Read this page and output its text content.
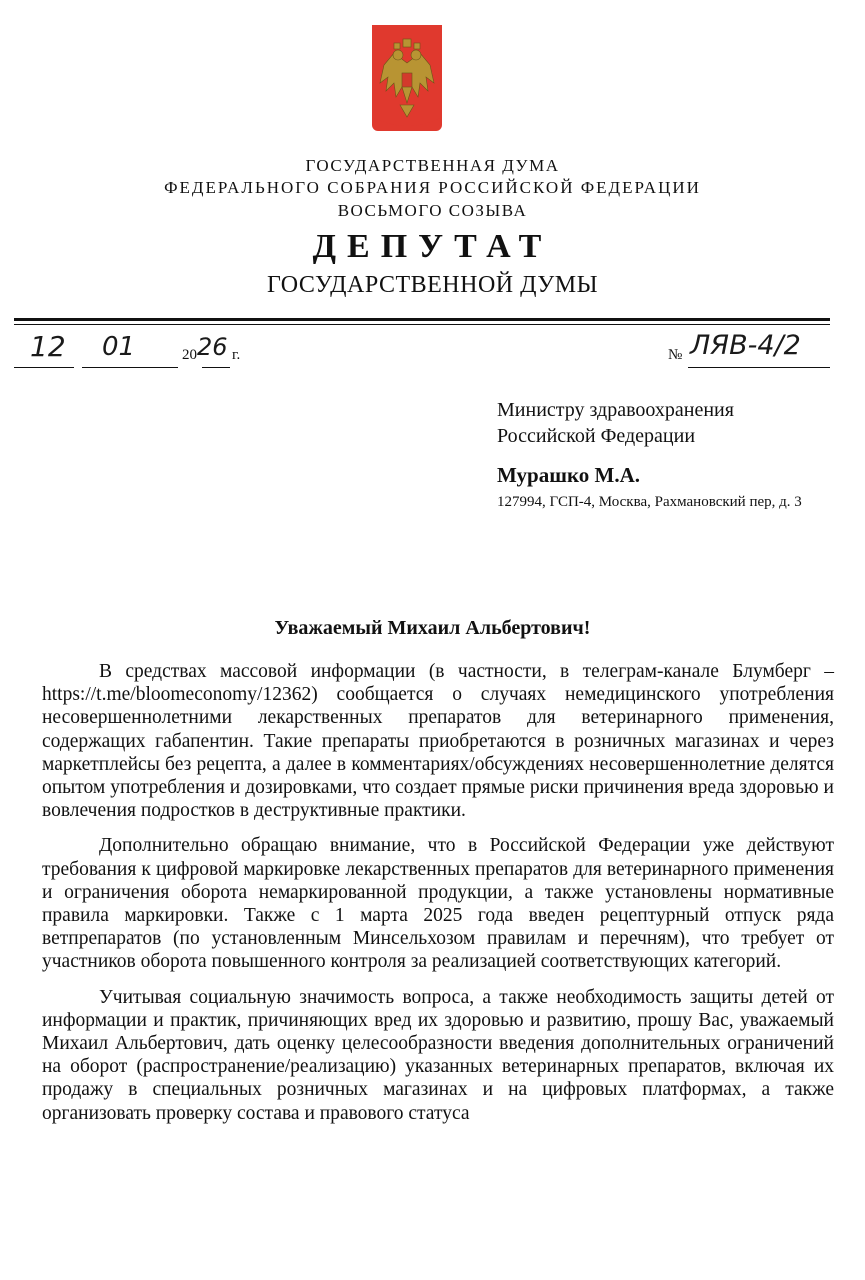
ГОСУДАРСТВЕННАЯ ДУМА
ФЕДЕРАЛЬНОГО СОБРАНИЯ РОССИЙСКОЙ ФЕДЕРАЦИИ
ВОСЬМОГО СОЗЫВА
ДЕПУТАТ
ГОСУДАРСТВЕННОЙ ДУМЫ
12 01	20 26 г.	№ ЛЯВ-4/2
Министру здравоохранения
Российской Федерации
Мурашко М.А.
127994, ГСП-4, Москва, Рахмановский пер, д. 3
Уважаемый Михаил Альбертович!

В средствах массовой информации (в частности, в телеграм-канале Блумберг – https://t.me/bloomeconomy/12362) сообщается о случаях немедицинского употребления несовершеннолетними лекарственных препаратов для ветеринарного применения, содержащих габапентин. Такие препараты приобретаются в розничных магазинах и через маркетплейсы без рецепта, а далее в комментариях/обсуждениях несовершеннолетние делятся опытом употребления и дозировками, что создает прямые риски причинения вреда здоровью и вовлечения подростков в деструктивные практики.

Дополнительно обращаю внимание, что в Российской Федерации уже действуют требования к цифровой маркировке лекарственных препаратов для ветеринарного применения и ограничения оборота немаркированной продукции, а также установлены нормативные правила маркировки. Также с 1 марта 2025 года введен рецептурный отпуск ряда ветпрепаратов (по установленным Минсельхозом правилам и перечням), что требует от участников оборота повышенного контроля за реализацией соответствующих категорий.

Учитывая социальную значимость вопроса, а также необходимость защиты детей от информации и практик, причиняющих вред их здоровью и развитию, прошу Вас, уважаемый Михаил Альбертович, дать оценку целесообразности введения дополнительных ограничений на оборот (распространение/реализацию) указанных ветеринарных препаратов, включая их продажу в специальных розничных магазинах и на цифровых платформах, а также организовать проверку состава и правового статуса
